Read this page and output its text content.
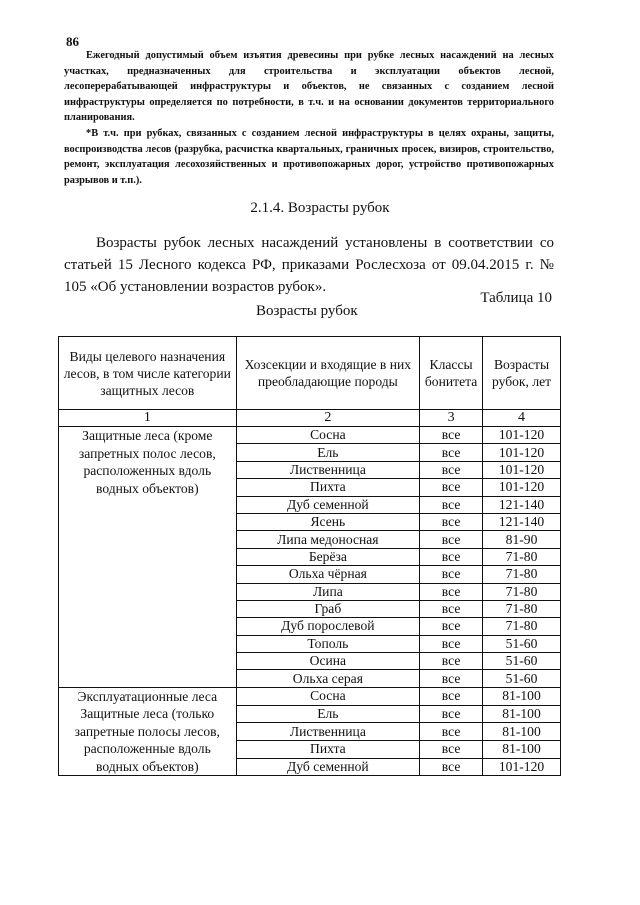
86

Ежегодный допустимый объем изъятия древесины при рубке лесных насаждений на лесных участках, предназначенных для строительства и эксплуатации объектов лесной, лесоперерабатывающей инфраструктуры и объектов, не связанных с созданием лесной инфраструктуры определяется по потребности, в т.ч. и на основании документов территориального планирования.

*В т.ч. при рубках, связанных с созданием лесной инфраструктуры в целях охраны, защиты, воспроизводства лесов (разрубка, расчистка квартальных, граничных просек, визиров, строительство, ремонт, эксплуатация лесохозяйственных и противопожарных дорог, устройство противопожарных разрывов и т.п.).

2.1.4. Возрасты рубок

Возрасты рубок лесных насаждений установлены в соответствии со статьей 15 Лесного кодекса РФ, приказами Рослесхоза от 09.04.2015 г. № 105 «Об установлении возрастов рубок».

Таблица 10
Возрасты рубок
Виды целевого назначения лесов, в том числе категории защитных лесов	Хозсекции и входящие в них преобладающие породы	Классы бонитета	Возрасты рубок, лет
1	2	3	4
Защитные леса (кроме запретных полос лесов, расположенных вдоль водных объектов)	Сосна	все	101-120
	Ель	все	101-120
	Лиственница	все	101-120
	Пихта	все	101-120
	Дуб семенной	все	121-140
	Ясень	все	121-140
	Липа медоносная	все	81-90
	Берёза	все	71-80
	Ольха чёрная	все	71-80
	Липа	все	71-80
	Граб	все	71-80
	Дуб порослевой	все	71-80
	Тополь	все	51-60
	Осина	все	51-60
	Ольха серая	все	51-60
Эксплуатационные леса Защитные леса (только запретные полосы лесов, расположенные вдоль водных объектов)	Сосна	все	81-100
	Ель	все	81-100
	Лиственница	все	81-100
	Пихта	все	81-100
	Дуб семенной	все	101-120
